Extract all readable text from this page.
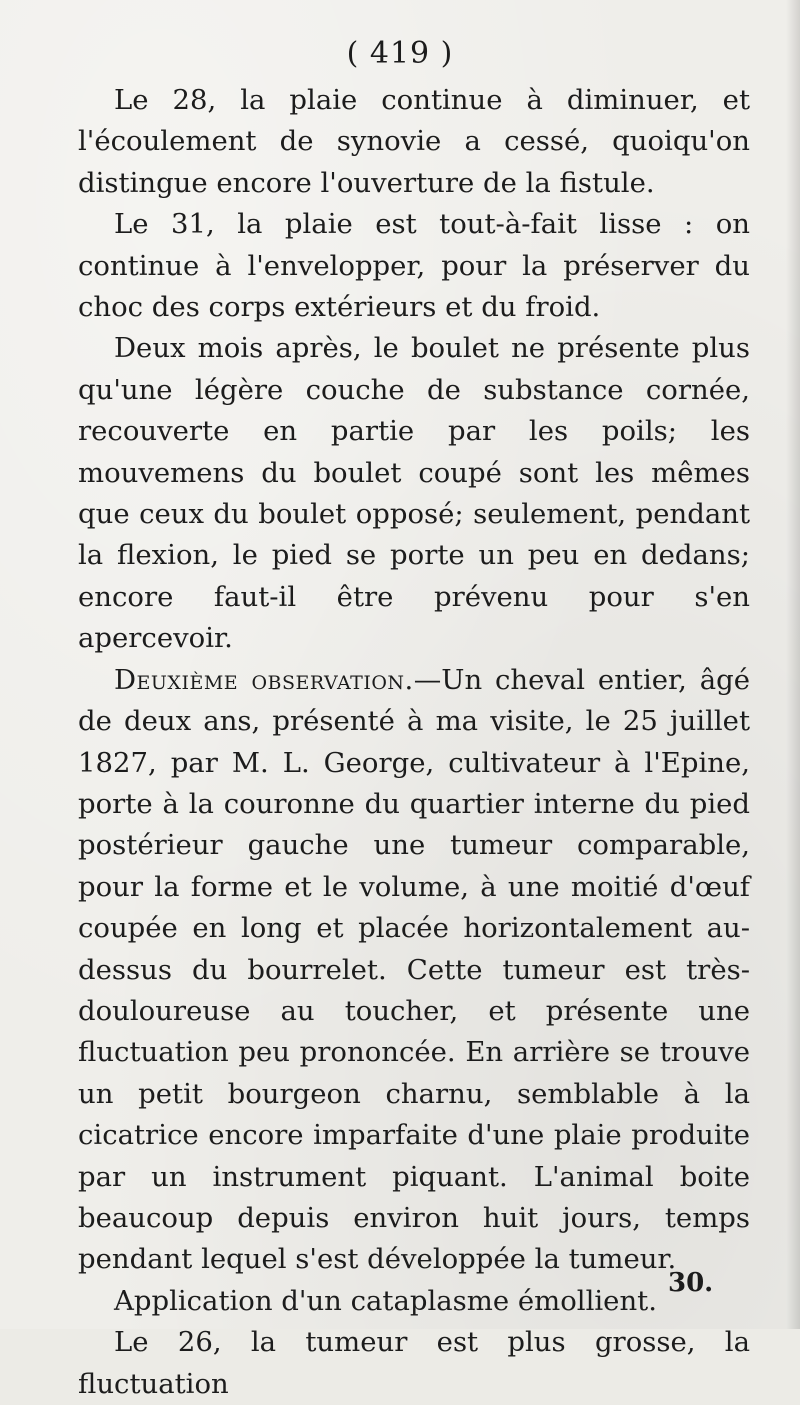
( 419 )

Le 28, la plaie continue à diminuer, et l'écoulement de synovie a cessé, quoiqu'on distingue encore l'ouverture de la fistule.

Le 31, la plaie est tout-à-fait lisse : on continue à l'envelopper, pour la préserver du choc des corps extérieurs et du froid.

Deux mois après, le boulet ne présente plus qu'une légère couche de substance cornée, recouverte en partie par les poils; les mouvemens du boulet coupé sont les mêmes que ceux du boulet opposé; seulement, pendant la flexion, le pied se porte un peu en dedans; encore faut-il être prévenu pour s'en apercevoir.

Deuxième observation.—Un cheval entier, âgé de deux ans, présenté à ma visite, le 25 juillet 1827, par M. L. George, cultivateur à l'Epine, porte à la couronne du quartier interne du pied postérieur gauche une tumeur comparable, pour la forme et le volume, à une moitié d'œuf coupée en long et placée horizontalement au-dessus du bourrelet. Cette tumeur est très-douloureuse au toucher, et présente une fluctuation peu prononcée. En arrière se trouve un petit bourgeon charnu, semblable à la cicatrice encore imparfaite d'une plaie produite par un instrument piquant. L'animal boite beaucoup depuis environ huit jours, temps pendant lequel s'est développée la tumeur.

Application d'un cataplasme émollient.

Le 26, la tumeur est plus grosse, la fluctuation

30.
